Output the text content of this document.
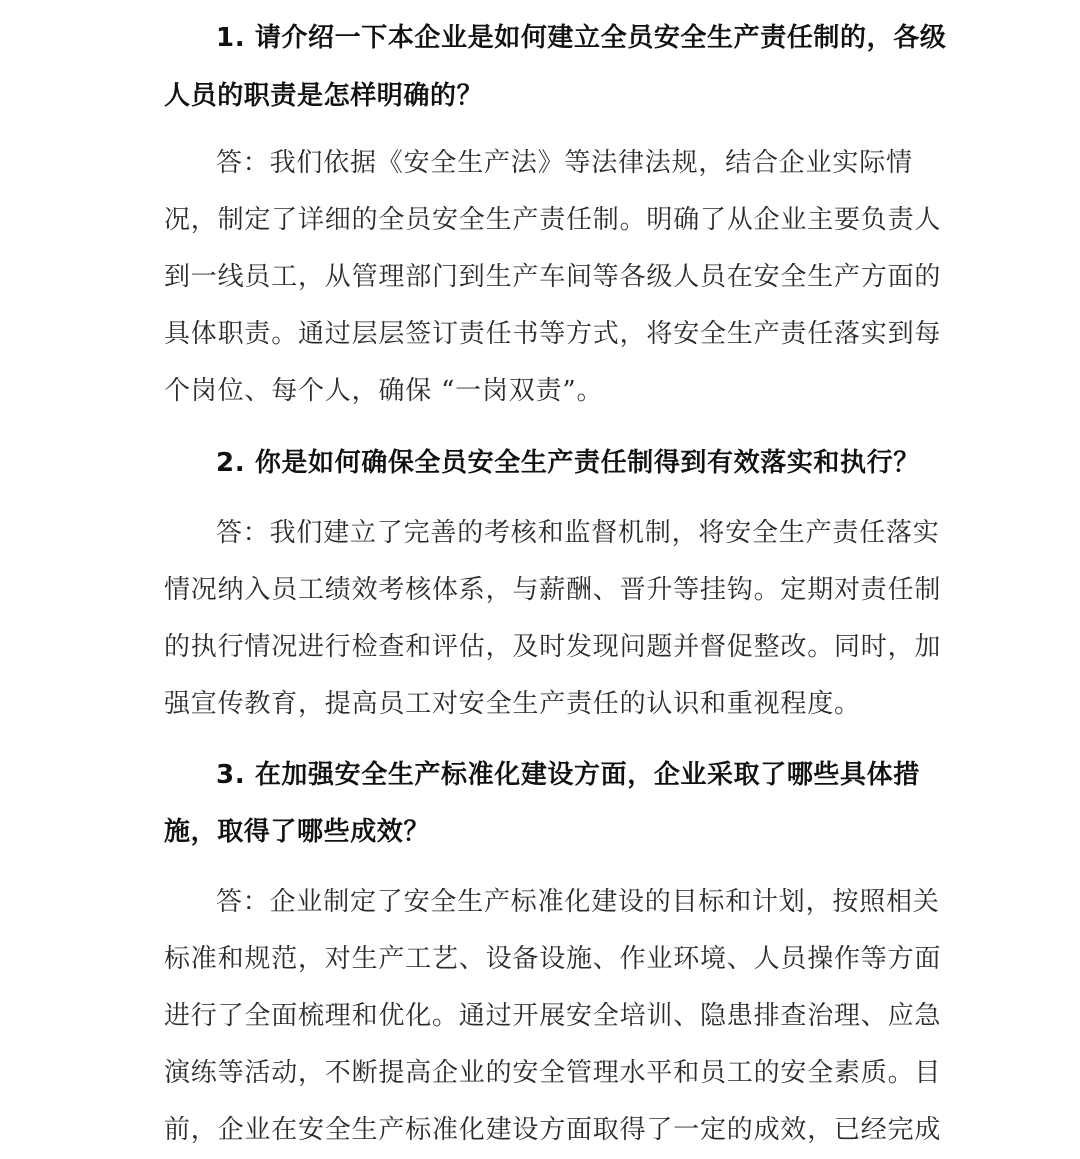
1. 请介绍一下本企业是如何建立全员安全生产责任制的，各级
人员的职责是怎样明确的？
答：我们依据《安全生产法》等法律法规，结合企业实际情
况，制定了详细的全员安全生产责任制。明确了从企业主要负责人
到一线员工，从管理部门到生产车间等各级人员在安全生产方面的
具体职责。通过层层签订责任书等方式，将安全生产责任落实到每
个岗位、每个人，确保 “一岗双责”。
2. 你是如何确保全员安全生产责任制得到有效落实和执行？
答：我们建立了完善的考核和监督机制，将安全生产责任落实
情况纳入员工绩效考核体系，与薪酬、晋升等挂钩。定期对责任制
的执行情况进行检查和评估，及时发现问题并督促整改。同时，加
强宣传教育，提高员工对安全生产责任的认识和重视程度。
3. 在加强安全生产标准化建设方面，企业采取了哪些具体措
施，取得了哪些成效？
答：企业制定了安全生产标准化建设的目标和计划，按照相关
标准和规范，对生产工艺、设备设施、作业环境、人员操作等方面
进行了全面梳理和优化。通过开展安全培训、隐患排查治理、应急
演练等活动，不断提高企业的安全管理水平和员工的安全素质。目
前，企业在安全生产标准化建设方面取得了一定的成效，已经完成
